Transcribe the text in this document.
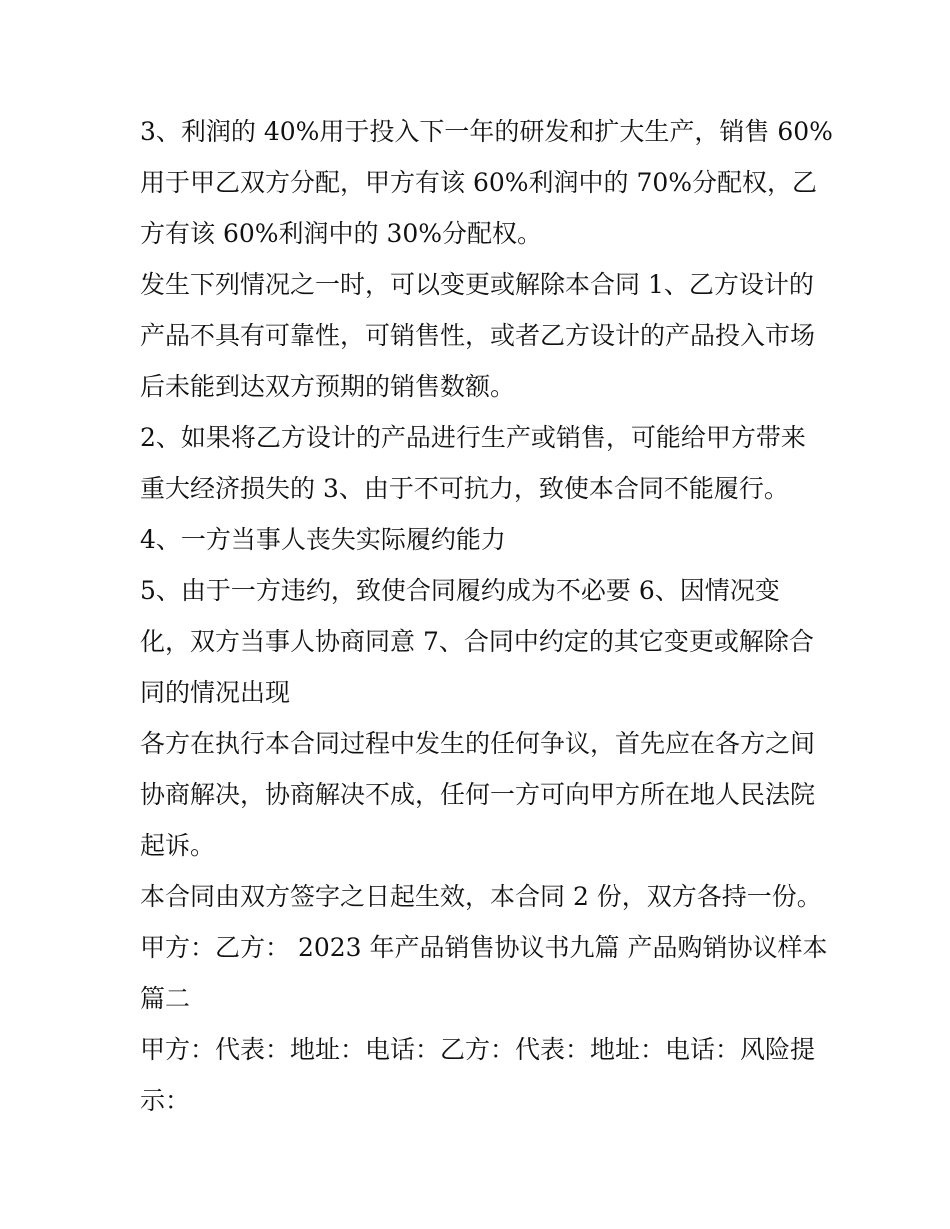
3、利润的 40%用于投入下一年的研发和扩大生产，销售 60%
用于甲乙双方分配，甲方有该 60%利润中的 70%分配权，乙
方有该 60%利润中的 30%分配权。
发生下列情况之一时，可以变更或解除本合同 1、乙方设计的
产品不具有可靠性，可销售性，或者乙方设计的产品投入市场
后未能到达双方预期的销售数额。
2、如果将乙方设计的产品进行生产或销售，可能给甲方带来
重大经济损失的 3、由于不可抗力，致使本合同不能履行。
4、一方当事人丧失实际履约能力
5、由于一方违约，致使合同履约成为不必要 6、因情况变
化，双方当事人协商同意 7、合同中约定的其它变更或解除合
同的情况出现
各方在执行本合同过程中发生的任何争议，首先应在各方之间
协商解决，协商解决不成，任何一方可向甲方所在地人民法院
起诉。
本合同由双方签字之日起生效，本合同 2 份，双方各持一份。
甲方：乙方： 2023 年产品销售协议书九篇 产品购销协议样本
篇二
甲方：代表：地址：电话：乙方：代表：地址：电话：风险提
示：
